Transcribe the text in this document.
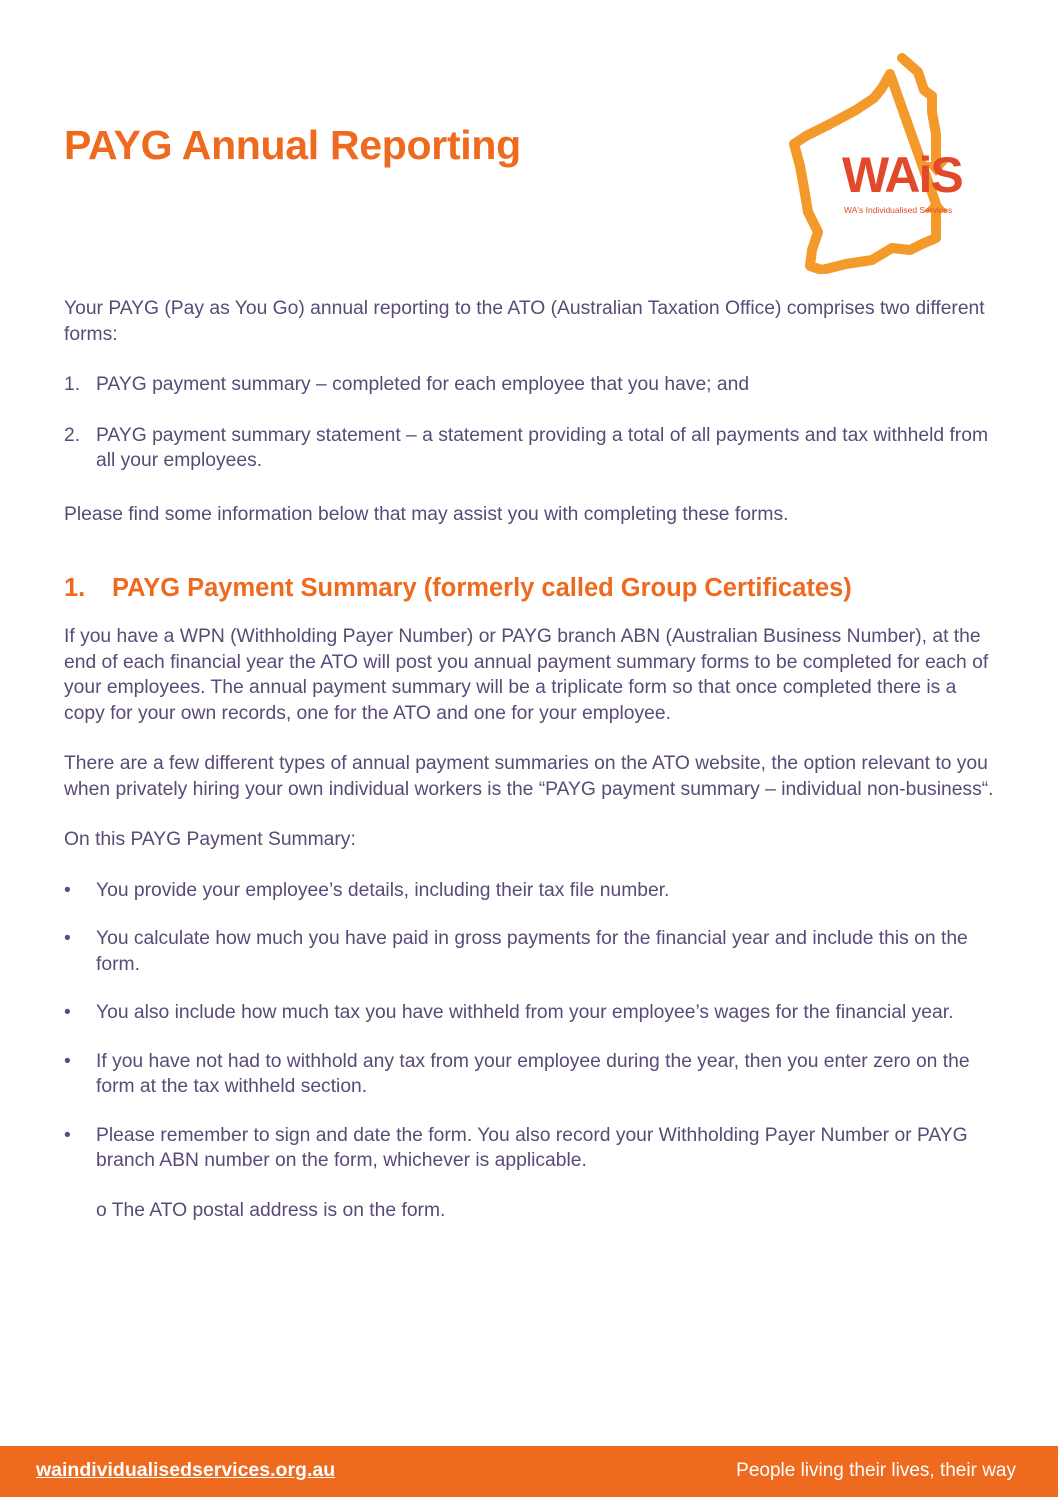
PAYG Annual Reporting
WAiS
WA's Individualised Services

Your PAYG (Pay as You Go) annual reporting to the ATO (Australian Taxation Office) comprises two different forms:

1. PAYG payment summary – completed for each employee that you have; and
2. PAYG payment summary statement – a statement providing a total of all payments and tax withheld from all your employees.

Please find some information below that may assist you with completing these forms.

1. PAYG Payment Summary (formerly called Group Certificates)

If you have a WPN (Withholding Payer Number) or PAYG branch ABN (Australian Business Number), at the end of each financial year the ATO will post you annual payment summary forms to be completed for each of your employees. The annual payment summary will be a triplicate form so that once completed there is a copy for your own records, one for the ATO and one for your employee.

There are a few different types of annual payment summaries on the ATO website, the option relevant to you when privately hiring your own individual workers is the “PAYG payment summary – individual non-business“.

On this PAYG Payment Summary:

• You provide your employee’s details, including their tax file number.
• You calculate how much you have paid in gross payments for the financial year and include this on the form.
• You also include how much tax you have withheld from your employee’s wages for the financial year.
• If you have not had to withhold any tax from your employee during the year, then you enter zero on the form at the tax withheld section.
• Please remember to sign and date the form. You also record your Withholding Payer Number or PAYG branch ABN number on the form, whichever is applicable.

o The ATO postal address is on the form.

waindividualisedservices.org.au	People living their lives, their way
